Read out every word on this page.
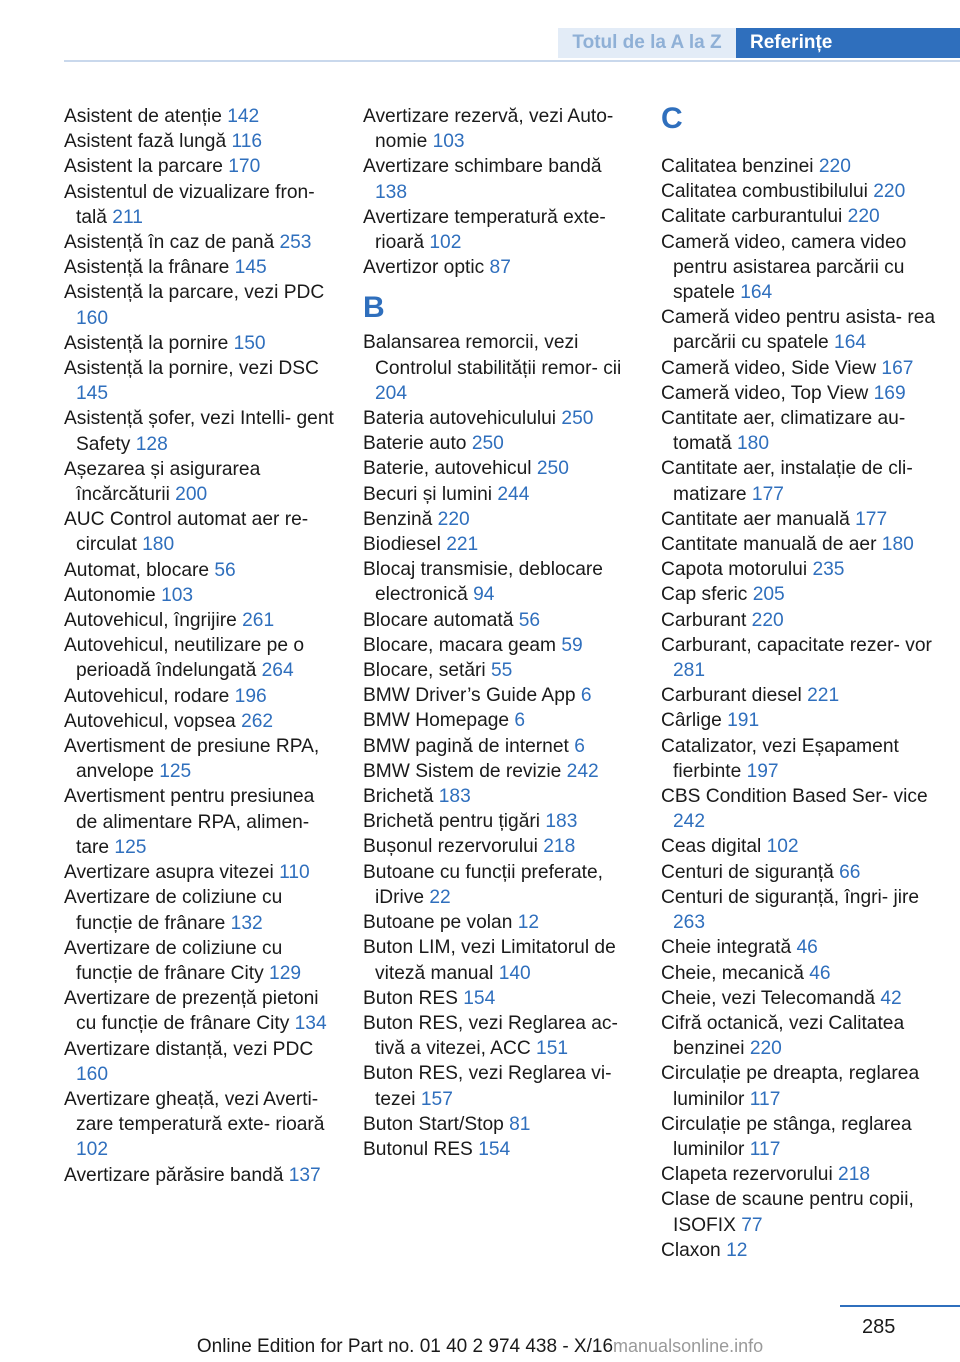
Totul de la A la Z	Referințe
Asistent de atenție 142
Asistent fază lungă 116
Asistent la parcare 170
Asistentul de vizualizare fron‐ tală 211
Asistență în caz de pană 253
Asistență la frânare 145
Asistență la parcare, vezi PDC 160
Asistență la pornire 150
Asistență la pornire, vezi DSC 145
Asistență șofer, vezi Intelli‐ gent Safety 128
Așezarea și asigurarea încărcăturii 200
AUC Control automat aer re‐ circulat 180
Automat, blocare 56
Autonomie 103
Autovehicul, îngrijire 261
Autovehicul, neutilizare pe o perioadă îndelungată 264
Autovehicul, rodare 196
Autovehicul, vopsea 262
Avertisment de presiune RPA, anvelope 125
Avertisment pentru presiunea de alimentare RPA, alimen‐ tare 125
Avertizare asupra vitezei 110
Avertizare de coliziune cu funcție de frânare 132
Avertizare de coliziune cu funcție de frânare City 129
Avertizare de prezență pietoni cu funcție de frânare City 134
Avertizare distanță, vezi PDC 160
Avertizare gheață, vezi Averti‐ zare temperatură exte‐ rioară 102
Avertizare părăsire bandă 137
Avertizare rezervă, vezi Auto‐ nomie 103
Avertizare schimbare bandă 138
Avertizare temperatură exte‐ rioară 102
Avertizor optic 87
B
Balansarea remorcii, vezi Controlul stabilității remor‐ cii 204
Bateria autovehiculului 250
Baterie auto 250
Baterie, autovehicul 250
Becuri și lumini 244
Benzină 220
Biodiesel 221
Blocaj transmisie, deblocare electronică 94
Blocare automată 56
Blocare, macara geam 59
Blocare, setări 55
BMW Driver’s Guide App 6
BMW Homepage 6
BMW pagină de internet 6
BMW Sistem de revizie 242
Brichetă 183
Brichetă pentru țigări 183
Bușonul rezervorului 218
Butoane cu funcții preferate, iDrive 22
Butoane pe volan 12
Buton LIM, vezi Limitatorul de viteză manual 140
Buton RES 154
Buton RES, vezi Reglarea ac‐ tivă a vitezei, ACC 151
Buton RES, vezi Reglarea vi‐ tezei 157
Buton Start/Stop 81
Butonul RES 154
C
Calitatea benzinei 220
Calitatea combustibilului 220
Calitate carburantului 220
Cameră video, camera video pentru asistarea parcării cu spatele 164
Cameră video pentru asista‐ rea parcării cu spatele 164
Cameră video, Side View 167
Cameră video, Top View 169
Cantitate aer, climatizare au‐ tomată 180
Cantitate aer, instalație de cli‐ matizare 177
Cantitate aer manuală 177
Cantitate manuală de aer 180
Capota motorului 235
Cap sferic 205
Carburant 220
Carburant, capacitate rezer‐ vor 281
Carburant diesel 221
Cârlige 191
Catalizator, vezi Eșapament fierbinte 197
CBS Condition Based Ser‐ vice 242
Ceas digital 102
Centuri de siguranță 66
Centuri de siguranță, îngri‐ jire 263
Cheie integrată 46
Cheie, mecanică 46
Cheie, vezi Telecomandă 42
Cifră octanică, vezi Calitatea benzinei 220
Circulație pe dreapta, reglarea luminilor 117
Circulație pe stânga, reglarea luminilor 117
Clapeta rezervorului 218
Clase de scaune pentru copii, ISOFIX 77
Claxon 12
285
Online Edition for Part no. 01 40 2 974 438 - X/16manualsonline.info
